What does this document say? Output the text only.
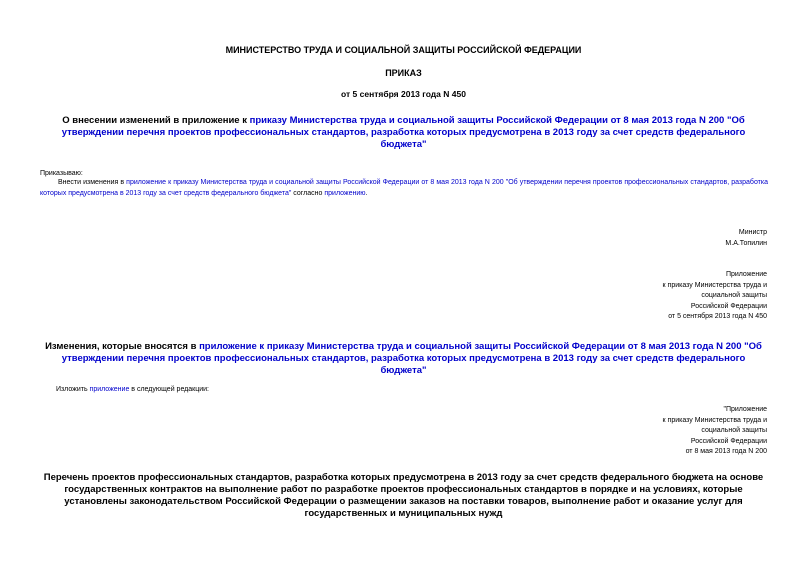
МИНИСТЕРСТВО ТРУДА И СОЦИАЛЬНОЙ ЗАЩИТЫ РОССИЙСКОЙ ФЕДЕРАЦИИ
ПРИКАЗ
от 5 сентября 2013 года N 450
О внесении изменений в приложение к приказу Министерства труда и социальной защиты Российской Федерации от 8 мая 2013 года N 200 "Об утверждении перечня проектов профессиональных стандартов, разработка которых предусмотрена в 2013 году за счет средств федерального бюджета"
Приказываю:
Внести изменения в приложение к приказу Министерства труда и социальной защиты Российской Федерации от 8 мая 2013 года N 200 "Об утверждении перечня проектов профессиональных стандартов, разработка которых предусмотрена в 2013 году за счет средств федерального бюджета" согласно приложению.
Министр
М.А.Топилин
Приложение
к приказу Министерства труда и
социальной защиты
Российской Федерации
от 5 сентября 2013 года N 450
Изменения, которые вносятся в приложение к приказу Министерства труда и социальной защиты Российской Федерации от 8 мая 2013 года N 200 "Об утверждении перечня проектов профессиональных стандартов, разработка которых предусмотрена в 2013 году за счет средств федерального бюджета"
Изложить приложение в следующей редакции:
"Приложение
к приказу Министерства труда и
социальной защиты
Российской Федерации
от 8 мая 2013 года N 200
Перечень проектов профессиональных стандартов, разработка которых предусмотрена в 2013 году за счет средств федерального бюджета на основе государственных контрактов на выполнение работ по разработке проектов профессиональных стандартов в порядке и на условиях, которые установлены законодательством Российской Федерации о размещении заказов на поставки товаров, выполнение работ и оказание услуг для государственных и муниципальных нужд
